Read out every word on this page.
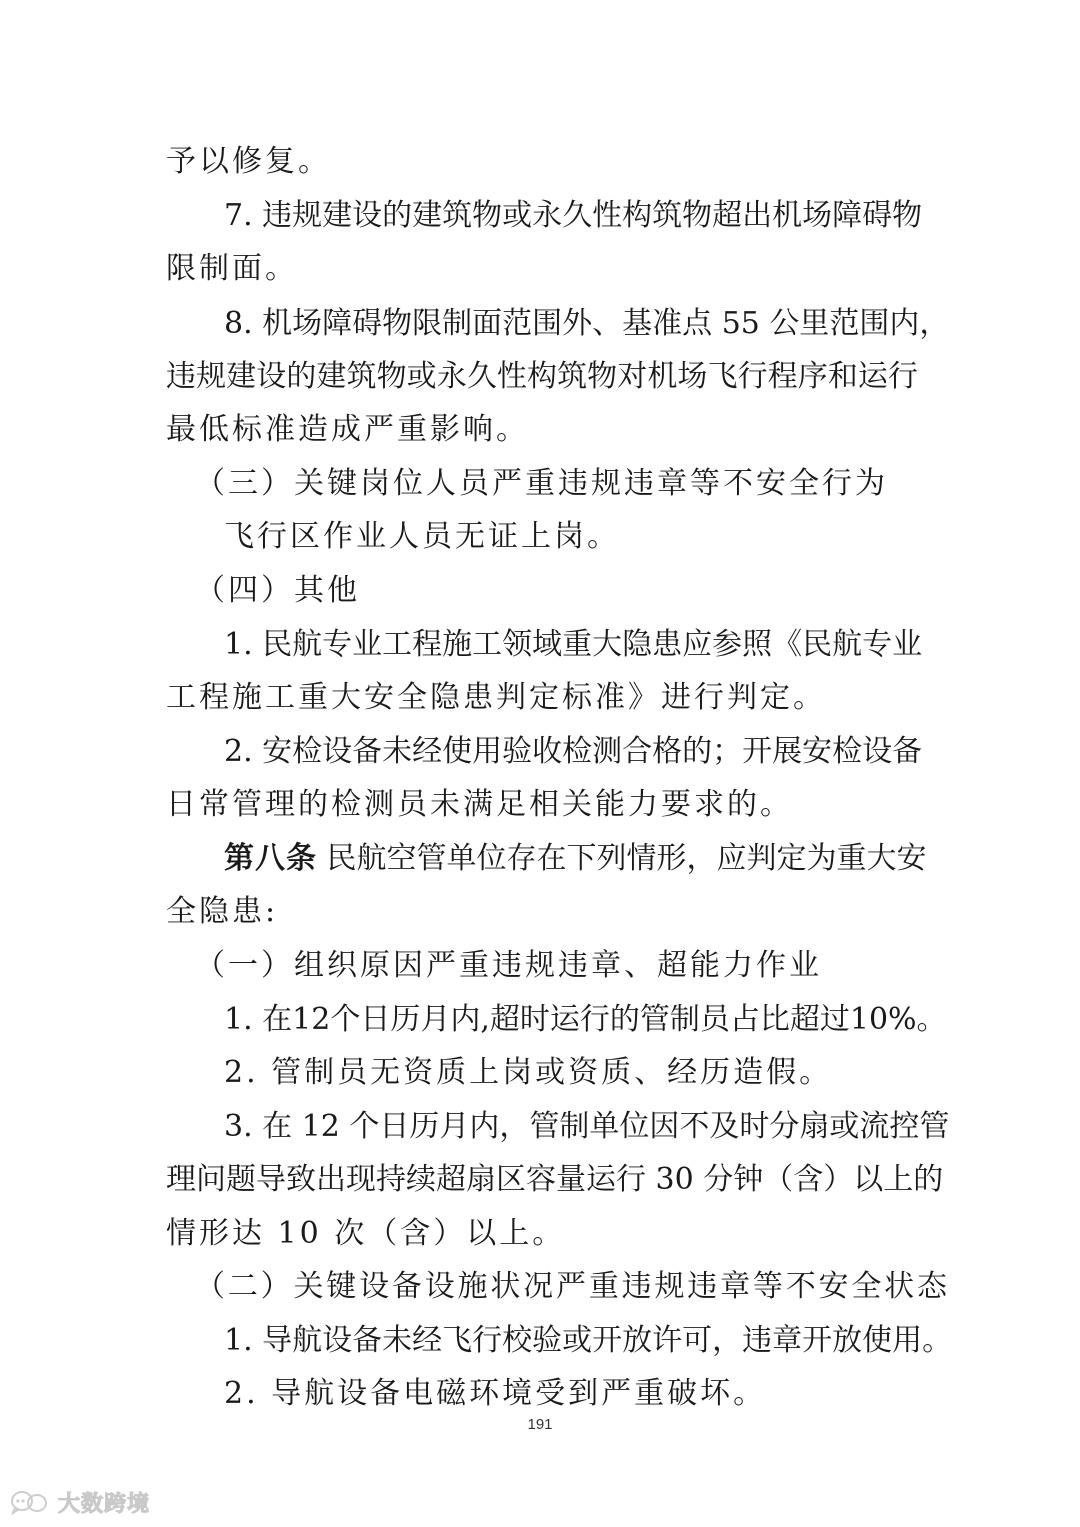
予以修复。
7. 违规建设的建筑物或永久性构筑物超出机场障碍物
限制面。
8. 机场障碍物限制面范围外、基准点 55 公里范围内，
违规建设的建筑物或永久性构筑物对机场飞行程序和运行
最低标准造成严重影响。
（三）关键岗位人员严重违规违章等不安全行为
飞行区作业人员无证上岗。
（四）其他
1. 民航专业工程施工领域重大隐患应参照《民航专业
工程施工重大安全隐患判定标准》进行判定。
2. 安检设备未经使用验收检测合格的；开展安检设备
日常管理的检测员未满足相关能力要求的。
第八条 民航空管单位存在下列情形，应判定为重大安
全隐患:
（一）组织原因严重违规违章、超能力作业
1. 在12个日历月内,超时运行的管制员占比超过10%。
2. 管制员无资质上岗或资质、经历造假。
3. 在 12 个日历月内，管制单位因不及时分扇或流控管
理问题导致出现持续超扇区容量运行 30 分钟（含）以上的
情形达 10 次（含）以上。
（二）关键设备设施状况严重违规违章等不安全状态
1. 导航设备未经飞行校验或开放许可，违章开放使用。
2. 导航设备电磁环境受到严重破坏。
191
大数跨境
